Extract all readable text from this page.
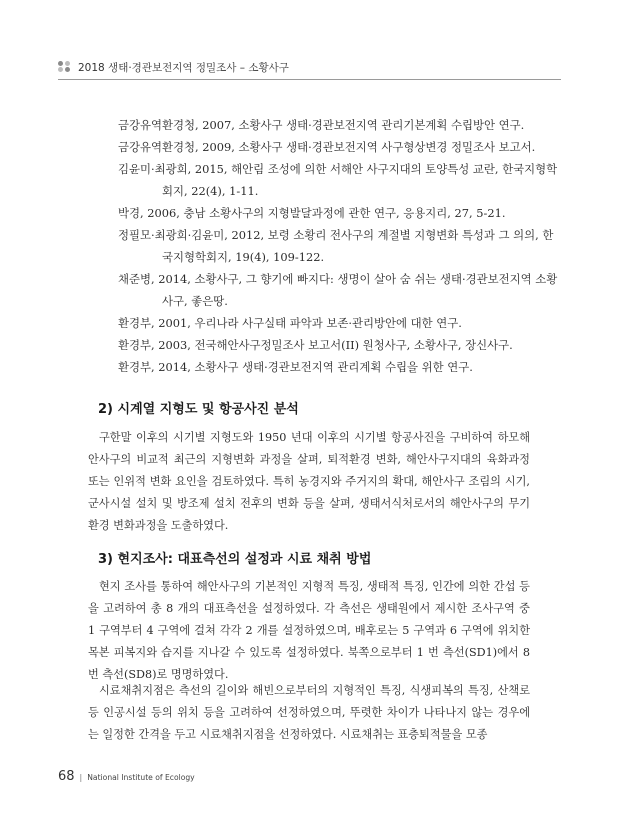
2018 생태·경관보전지역 정밀조사 – 소황사구
금강유역환경청, 2007, 소황사구 생태·경관보전지역 관리기본계획 수립방안 연구.
금강유역환경청, 2009, 소황사구 생태·경관보전지역 사구형상변경 정밀조사 보고서.
김윤미·최광희, 2015, 해안림 조성에 의한 서해안 사구지대의 토양특성 교란, 한국지형학회지, 22(4), 1-11.
박경, 2006, 충남 소황사구의 지형발달과정에 관한 연구, 응용지리, 27, 5-21.
정필모·최광희·김윤미, 2012, 보령 소황리 전사구의 계절별 지형변화 특성과 그 의의, 한국지형학회지, 19(4), 109-122.
채준병, 2014, 소황사구, 그 향기에 빠지다: 생명이 살아 숨 쉬는 생태·경관보전지역 소황사구, 좋은땅.
환경부, 2001, 우리나라 사구실태 파악과 보존·관리방안에 대한 연구.
환경부, 2003, 전국해안사구정밀조사 보고서(II) 원청사구, 소황사구, 장신사구.
환경부, 2014, 소황사구 생태·경관보전지역 관리계획 수립을 위한 연구.
2) 시계열 지형도 및 항공사진 분석
구한말 이후의 시기별 지형도와 1950 년대 이후의 시기별 항공사진을 구비하여 하모해안사구의 비교적 최근의 지형변화 과정을 살펴, 퇴적환경 변화, 해안사구지대의 육화과정 또는 인위적 변화 요인을 검토하였다. 특히 농경지와 주거지의 확대, 해안사구 조림의 시기, 군사시설 설치 및 방조제 설치 전후의 변화 등을 살펴, 생태서식처로서의 해안사구의 무기환경 변화과정을 도출하였다.
3) 현지조사: 대표측선의 설정과 시료 채취 방법
현지 조사를 통하여 해안사구의 기본적인 지형적 특징, 생태적 특징, 인간에 의한 간섭 등을 고려하여 총 8 개의 대표측선을 설정하였다. 각 측선은 생태원에서 제시한 조사구역 중 1 구역부터 4 구역에 걸쳐 각각 2 개를 설정하였으며, 배후로는 5 구역과 6 구역에 위치한 목본 피복지와 습지를 지나갈 수 있도록 설정하였다. 북쪽으로부터 1 번 측선(SD1)에서 8 번 측선(SD8)로 명명하였다.
시료채취지점은 측선의 길이와 해빈으로부터의 지형적인 특징, 식생피복의 특징, 산책로 등 인공시설 등의 위치 등을 고려하여 선정하였으며, 뚜렷한 차이가 나타나지 않는 경우에는 일정한 간격을 두고 시료채취지점을 선정하였다. 시료채취는 표층퇴적물을 모종
68 | National Institute of Ecology
